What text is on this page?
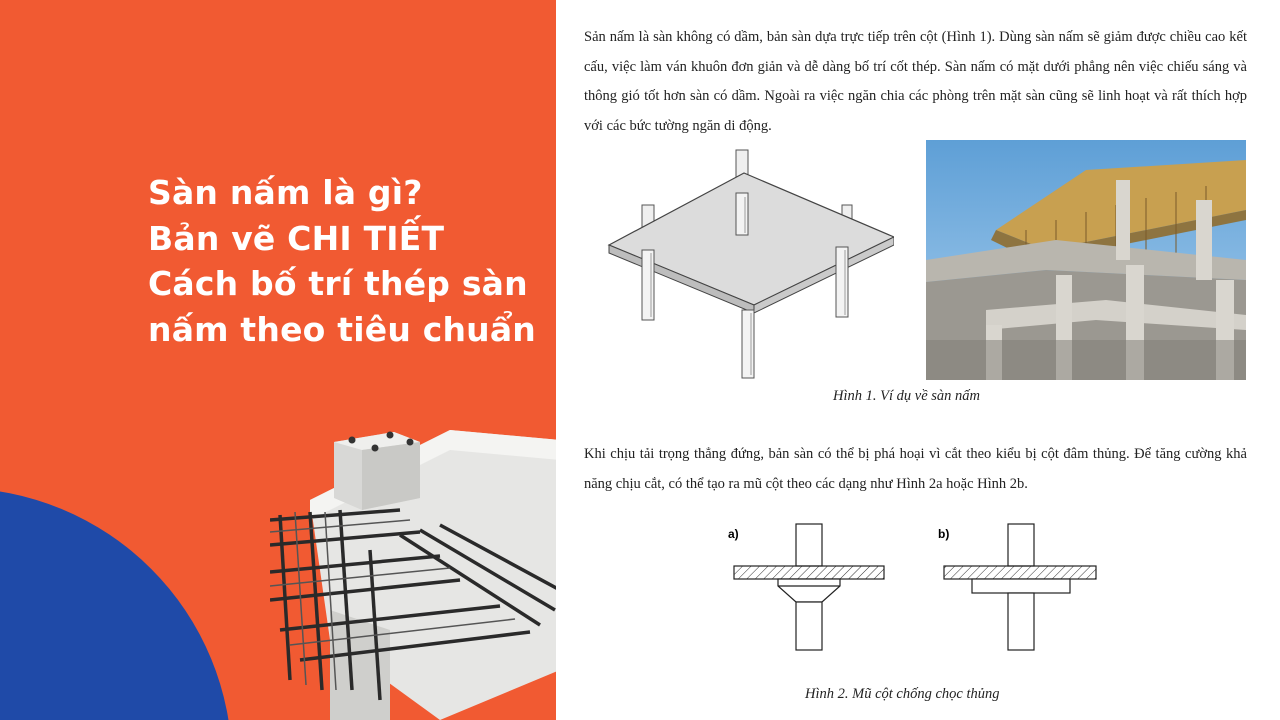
Sàn nấm là gì?
Bản vẽ CHI TIẾT
Cách bố trí thép sàn
nấm theo tiêu chuẩn

Sản nấm là sàn không có dầm, bản sàn dựa trực tiếp trên cột (Hình 1). Dùng sàn nấm sẽ giảm được chiều cao kết cấu, việc làm ván khuôn đơn giản và dễ dàng bố trí cốt thép. Sàn nấm có mặt dưới phẳng nên việc chiếu sáng và thông gió tốt hơn sàn có dầm. Ngoài ra việc ngăn chia các phòng trên mặt sàn cũng sẽ linh hoạt và rất thích hợp với các bức tường ngăn di động.

Hình 1. Ví dụ về sàn nấm

Khi chịu tải trọng thẳng đứng, bản sàn có thể bị phá hoại vì cắt theo kiểu bị cột đâm thủng. Để tăng cường khả năng chịu cắt, có thể tạo ra mũ cột theo các dạng như Hình 2a hoặc Hình 2b.

a)	b)
Hình 2. Mũ cột chống chọc thủng
